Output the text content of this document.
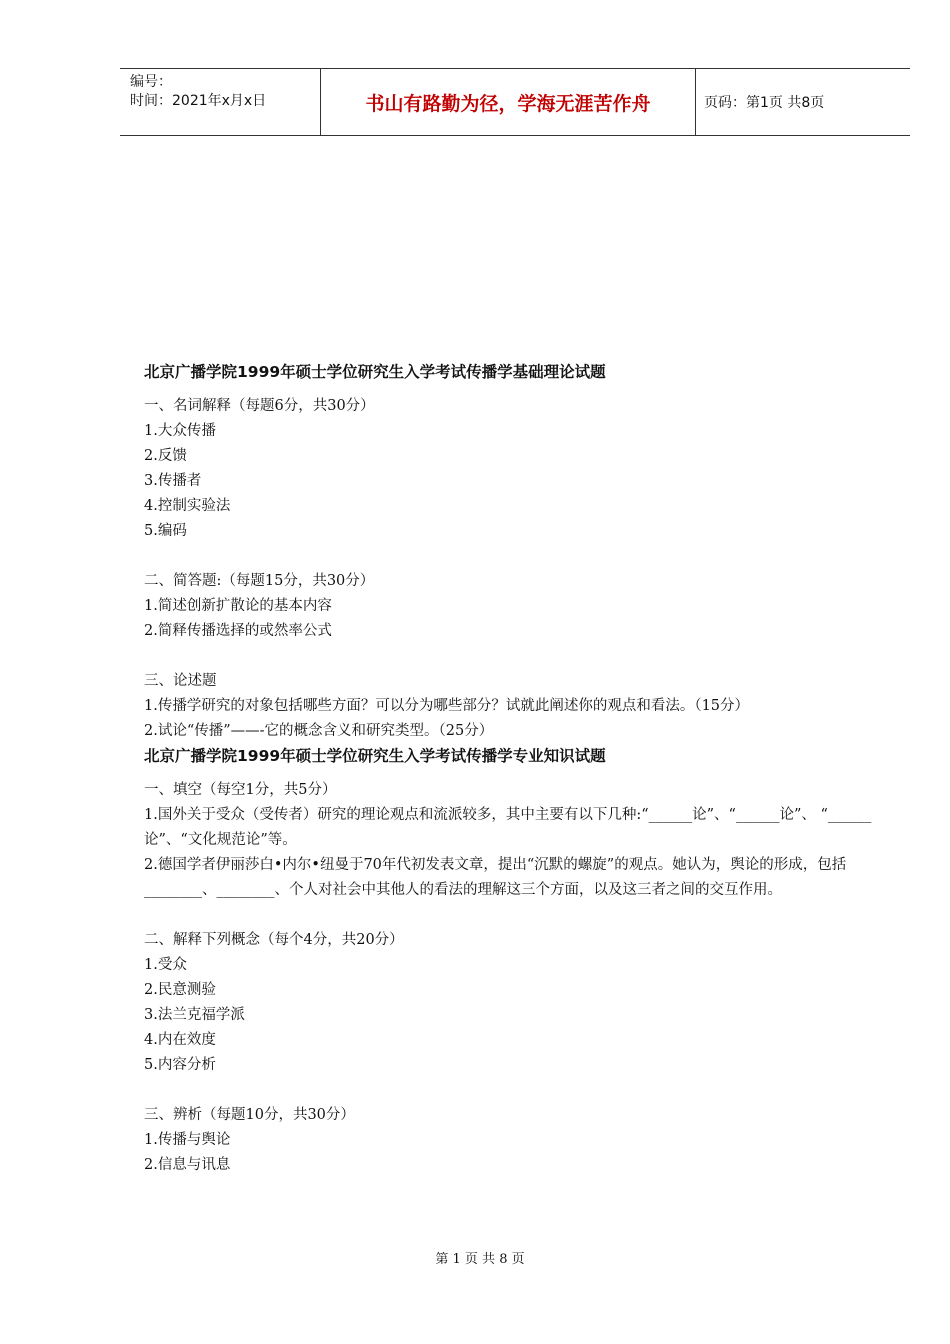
编号：
时间：2021年x月x日	书山有路勤为径，学海无涯苦作舟	页码：第1页 共8页
北京广播学院1999年硕士学位研究生入学考试传播学基础理论试题
一、名词解释（每题6分，共30分）
1.大众传播
2.反馈
3.传播者
4.控制实验法
5.编码
二、简答题:（每题15分，共30分）
1.简述创新扩散论的基本内容
2.简释传播选择的或然率公式
三、论述题
1.传播学研究的对象包括哪些方面？可以分为哪些部分？试就此阐述你的观点和看法。（15分）
2.试论“传播”——-它的概念含义和研究类型。（25分）
北京广播学院1999年硕士学位研究生入学考试传播学专业知识试题
一、填空（每空1分，共5分）
1.国外关于受众（受传者）研究的理论观点和流派较多，其中主要有以下几种:“______论”、“______论”、 “______论”、“文化规范论”等。
2.德国学者伊丽莎白•内尔•纽曼于70年代初发表文章，提出“沉默的螺旋”的观点。她认为，舆论的形成，包括________、________、个人对社会中其他人的看法的理解这三个方面，以及这三者之间的交互作用。
二、解释下列概念（每个4分，共20分）
1.受众
2.民意测验
3.法兰克福学派
4.内在效度
5.内容分析
三、辨析（每题10分，共30分）
1.传播与舆论
2.信息与讯息
第 1 页 共 8 页
